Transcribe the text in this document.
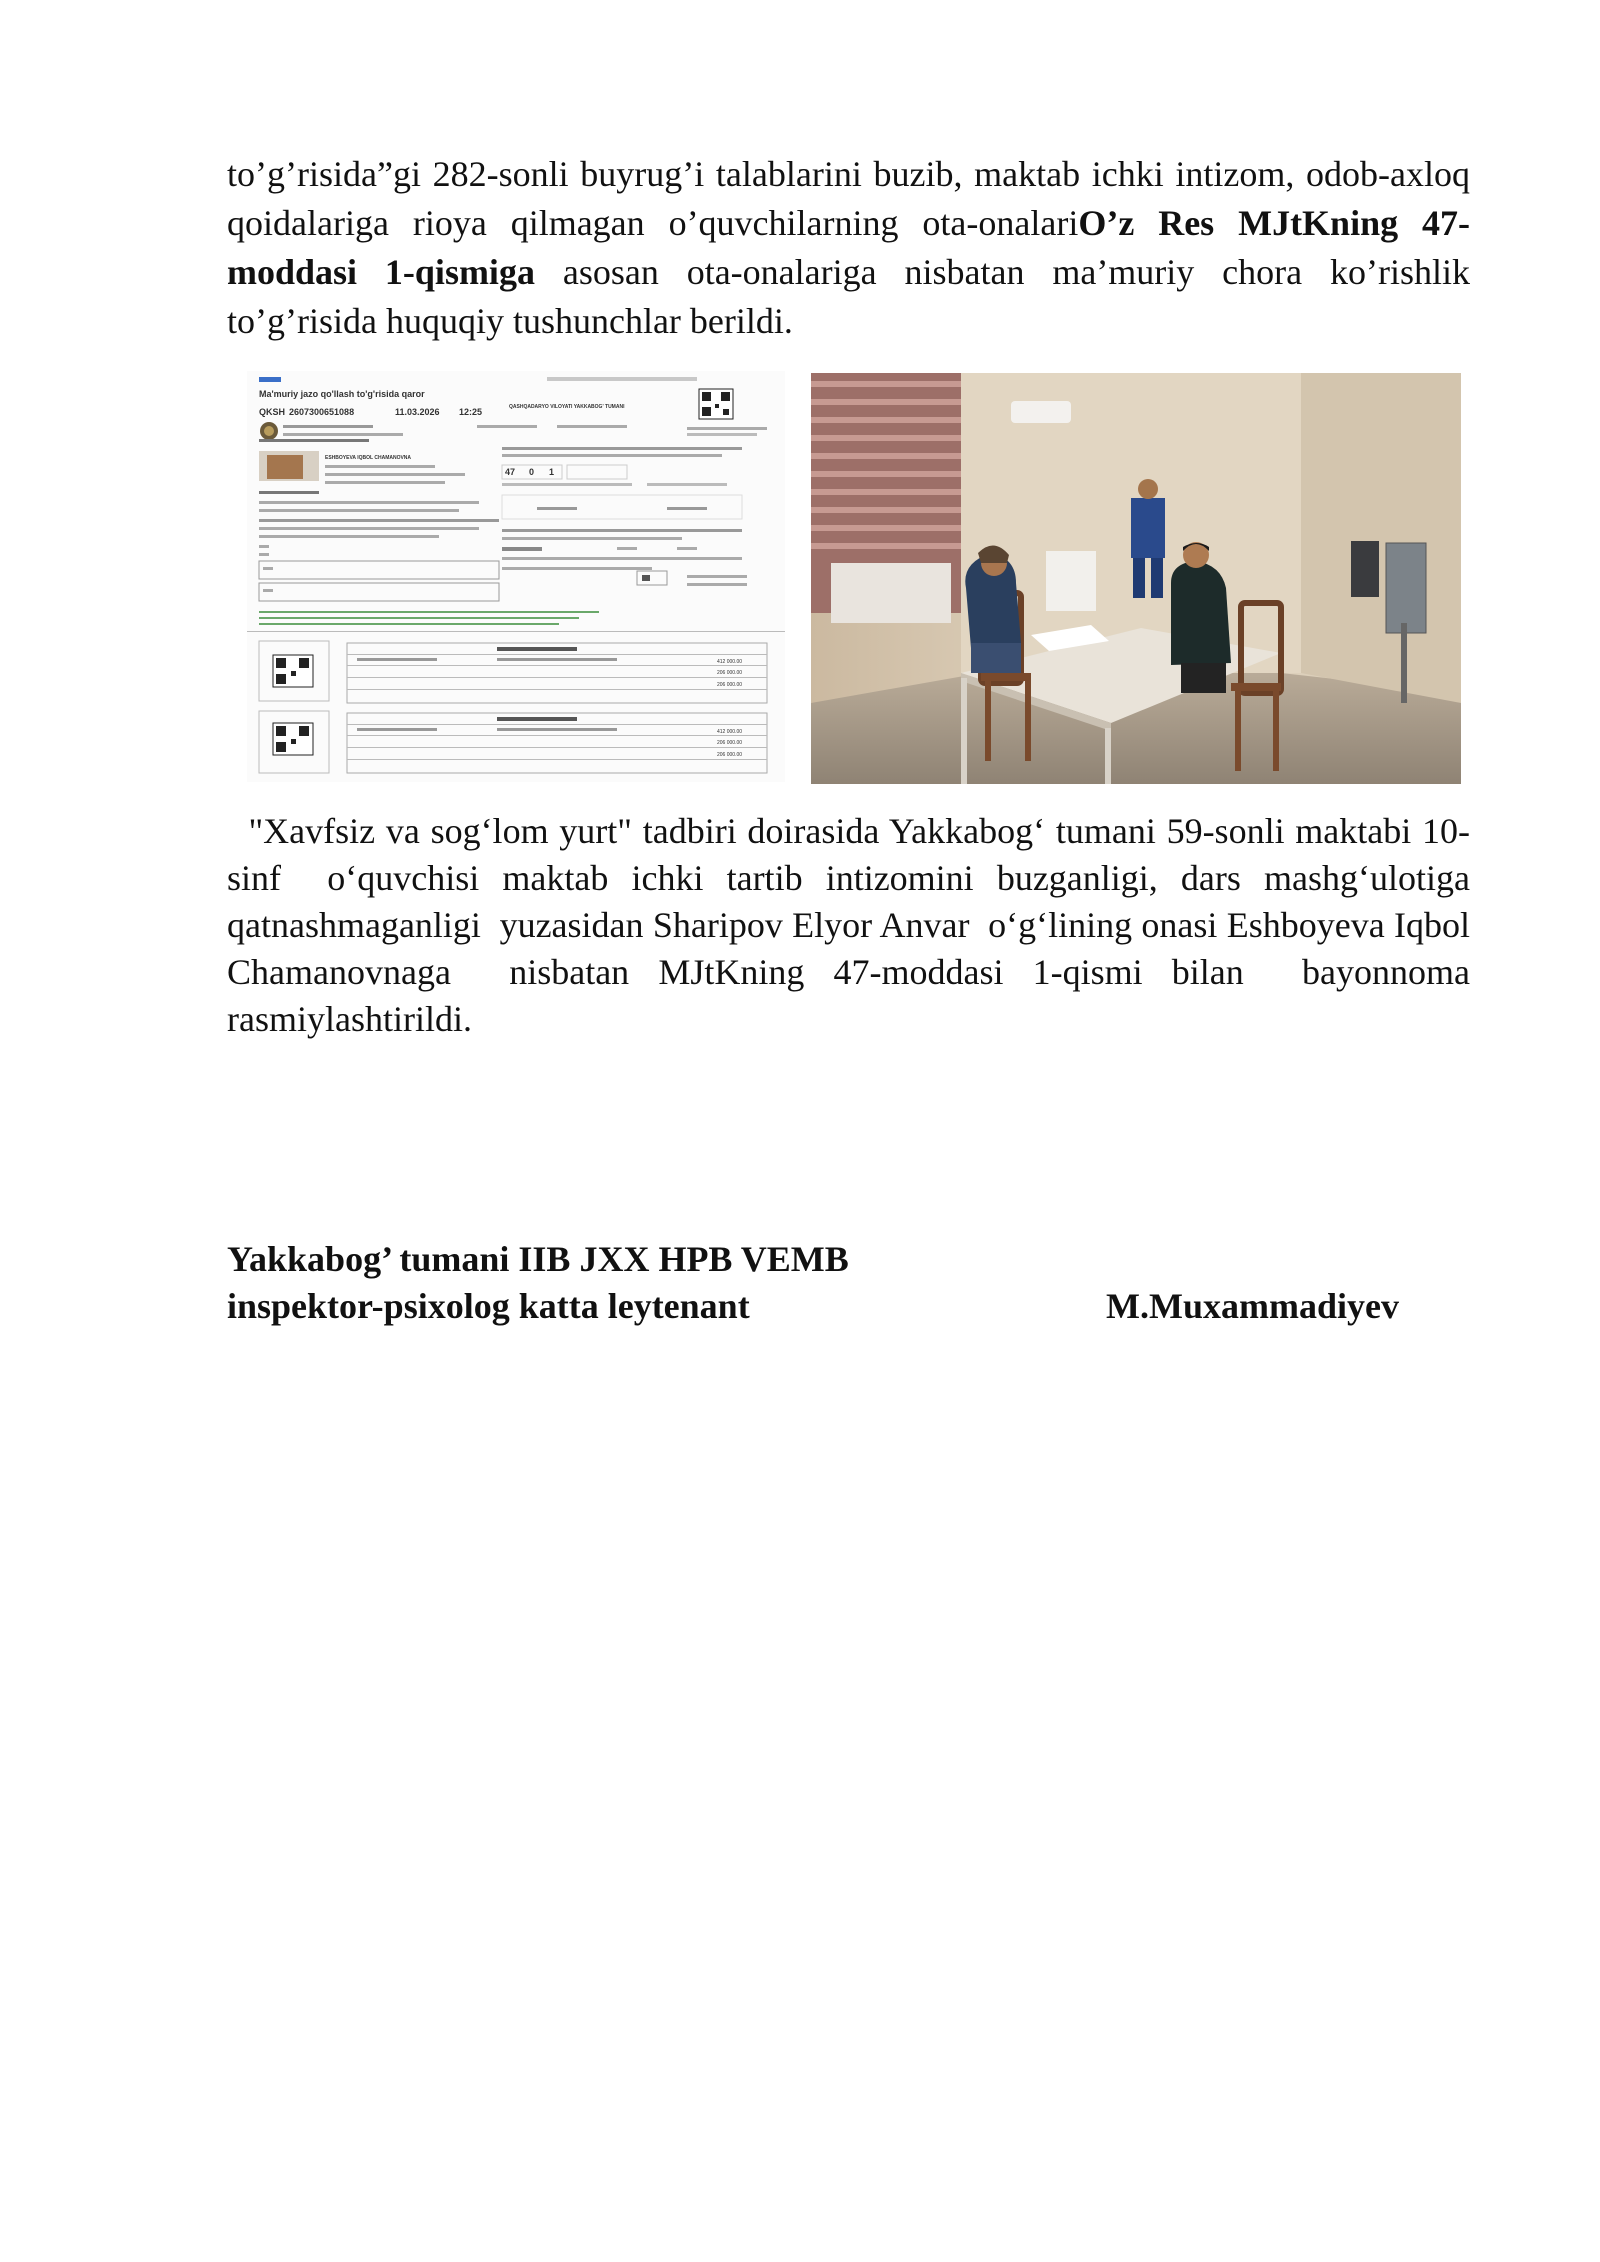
to’g’risida”gi 282-sonli buyrug’i talablarini buzib, maktab ichki intizom, odob-axloq qoidalariga rioya qilmagan o’quvchilarning ota-onalariO’z Res MJtKning 47-moddasi 1-qismiga asosan ota-onalariga nisbatan ma’muriy chora ko’rishlik to’g’risida huquqiy tushunchlar berildi.

Ma'muriy jazo qo'llash to'g'risida qaror
QKSH 2607300651088	11.03.2026 12:25	QASHQADARYO VILOYATI YAKKABOG' TUMANI
ESHBOYEVA IQBOL CHAMANOVNA
47 0 1
412 000.00
206 000.00
206 000.00
412 000.00
206 000.00
206 000.00

"Xavfsiz va sog‘lom yurt" tadbiri doirasida Yakkabog‘ tumani 59-sonli maktabi 10-sinf  o‘quvchisi maktab ichki tartib intizomini buzganligi, dars mashg‘ulotiga qatnashmaganligi  yuzasidan Sharipov Elyor Anvar  o‘g‘lining onasi Eshboyeva Iqbol Chamanovnaga  nisbatan MJtKning 47-moddasi 1-qismi bilan  bayonnoma rasmiylashtirildi.

Yakkabog’ tumani IIB JXX HPB VEMB
inspektor-psixolog katta leytenant	M.Muxammadiyev
